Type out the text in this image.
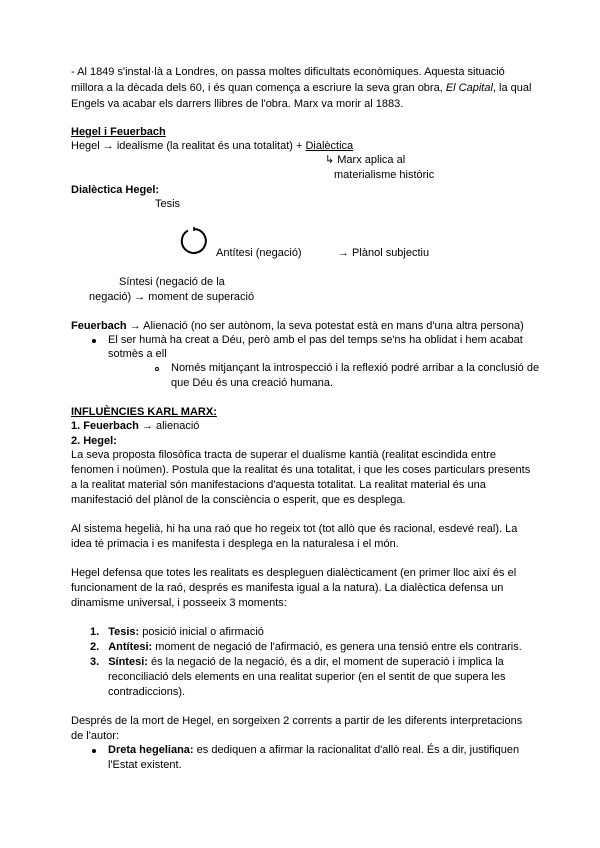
- Al 1849 s'instal·là a Londres, on passa moltes dificultats econòmiques. Aquesta situació
millora a la dècada dels 60, i és quan comença a escriure la seva gran obra, El Capital, la qual
Engels va acabar els darrers llibres de l'obra. Marx va morir al 1883.
Hegel i Feuerbach
Hegel → idealisme (la realitat és una totalitat) + Dialèctica
↳ Marx aplica al
materialisme històric
Dialèctica Hegel:
Tesis
Antítesi (negació)	→ Plànol subjectiu
Síntesi (negació de la
negació) → moment de superació
Feuerbach → Alienació (no ser autònom, la seva potestat està en mans d'una altra persona)
El ser humà ha creat a Déu, però amb el pas del temps se'ns ha oblidat i hem acabat
sotmès a ell
Només mitjançant la introspecció i la reflexió podré arribar a la conclusió de
que Déu és una creació humana.
INFLUÈNCIES KARL MARX:
1. Feuerbach → alienació
2. Hegel:
La seva proposta filosòfica tracta de superar el dualisme kantià (realitat escindida entre
fenomen i noümen). Postula que la realitat és una totalitat, i que les coses particulars presents
a la realitat material són manifestacions d'aquesta totalitat. La realitat material és una
manifestació del plànol de la consciència o esperit, que es desplega.
Al sistema hegelià, hi ha una raó que ho regeix tot (tot allò que és racional, esdevé real). La
idea té primacia i es manifesta i desplega en la naturalesa i el món.
Hegel defensa que totes les realitats es despleguen dialècticament (en primer lloc així és el
funcionament de la raó, després es manifesta igual a la natura). La dialèctica defensa un
dinamisme universal, i posseeix 3 moments:
1. Tesis: posició inicial o afirmació
2. Antítesi: moment de negació de l'afirmació, es genera una tensió entre els contraris.
3. Síntesi: és la negació de la negació, és a dir, el moment de superació i implica la
reconciliació dels elements en una realitat superior (en el sentit de que supera les
contradiccions).
Després de la mort de Hegel, en sorgeixen 2 corrents a partir de les diferents interpretacions
de l'autor:
Dreta hegeliana: es dediquen a afirmar la racionalitat d'allò real. És a dir, justifiquen
l'Estat existent.
